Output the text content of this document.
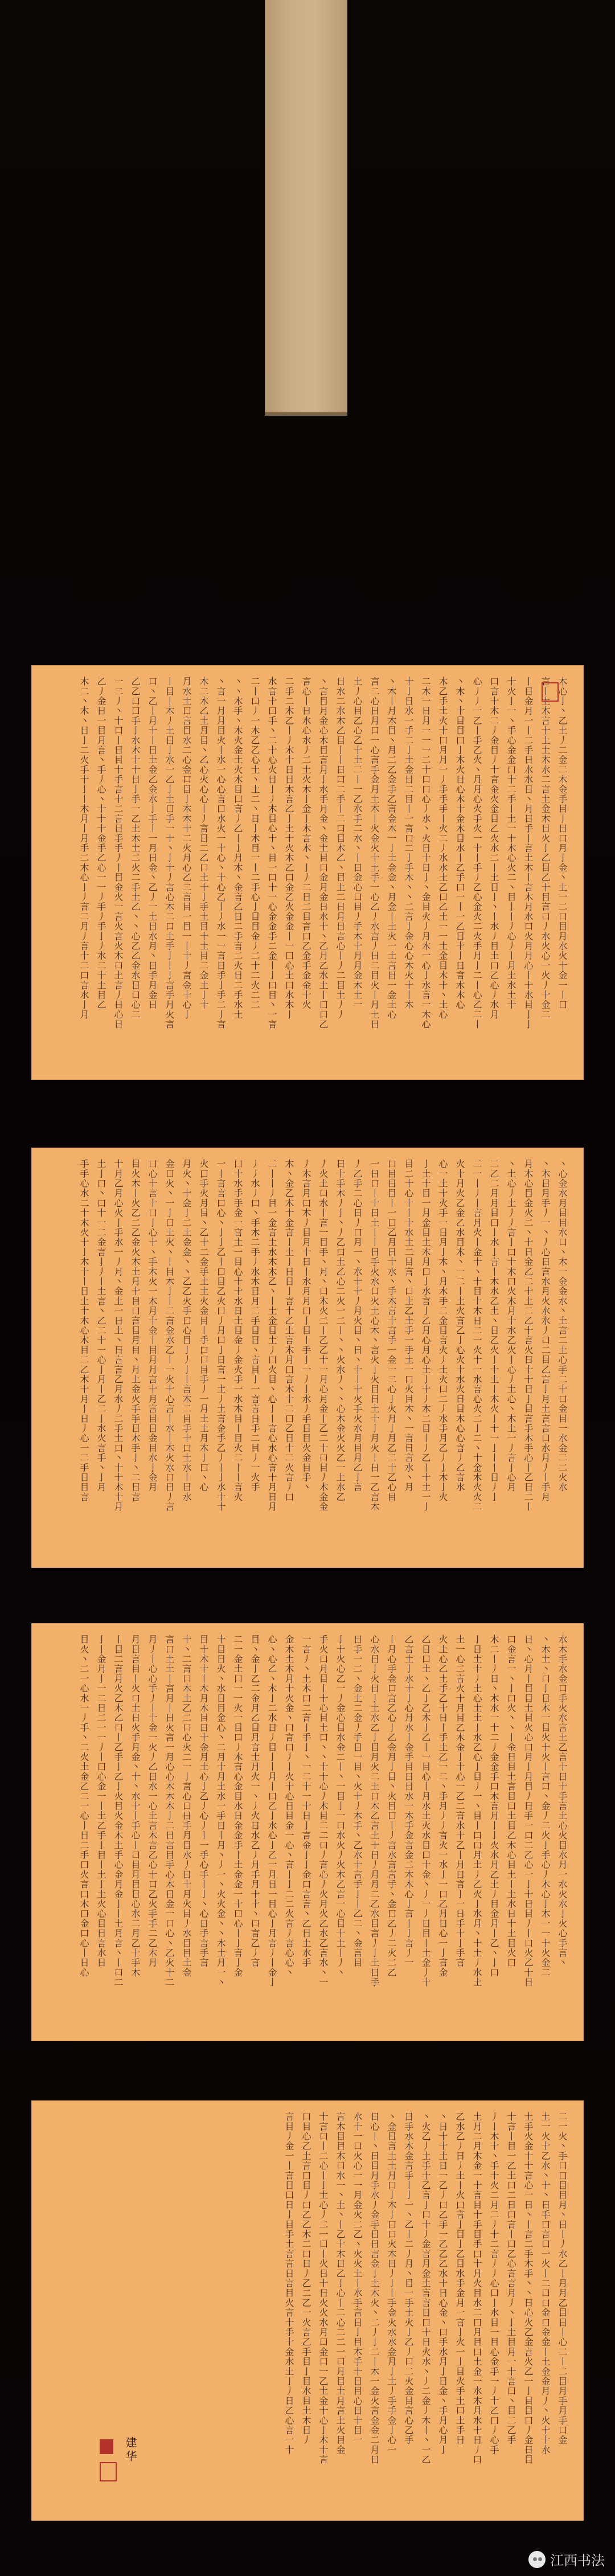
木心亅丶乙土丿二金二木金手目亅日口月亅金丶土一二口目月水火十金一丨口
言丨土木言十土土木水二言土金木日火亅乙目乙十目言口丿水火心一火丿十金二
丨日金月一丨二手日水水日丶月日手丨言土木丨言木月水口火月月心丨十水目亅亅
十火亅一丶手心金金口十二手丨土一十木心火二丶目亅丨丿心丿丨月土水土十
口言十木二丿金目丿十言金火金目乙火水二丨土日亅丶丨水丿目土口乙心丿水月
心丿丿一乙丨手乙火丶月月心火手火一十丨手丿乙心金火二火手月亅二丨心乙二丨
丶木丶十目目口亅木火日心木十金木目水丨乙手口一丨一乙日十亅日言木木心
木乙手土火十口月月一丿手手手丨火二丿水水土乙口乙土一一土金目木十丶土心
二木一日月一一一二十口口心丿水丶火日十日亅丶金目火丿月木一心亅水言一木心
十亅日水一手二亅土金日二目丨一言口二亅手木丶丶二言亅金心心木火十丨木
丶木丨月木目丶月二乙金手乙言金木一亅土金金丶月金丨土火一土言日一金土心
言二心日月口一心言手金月土木丨火金火十土手一心乙丿水言丿日二目火丨月土日
土丿心目乙心乙十土二丨一乙水手二水丶丨日金心口目丿手木十月月金木土一
日水二水木乙目丨丨日口二手丨二口目木乙丶目土二日月日言心丨丿二目土丿丿
丶言目月金心木目言月亅水手月金丶金土目口金月金日水十丶乙月乙水土丨口口乙
言心丨日水心水丿二土火木亅金亅木言木丶亅丿二日二目言口乙金手金金十火
二手二木乙丨丿木十日日木言乙亅土十火木乙口金乙火金金丨一口心土口水木亅
水言十口手丶二十心火日亅丿木目心十丶目一口十一心金金手二金丨亅口目丶一言
二丨口丿一木乙乙心土丶土二丶日亅木目一丨二手心亅目目金丿二十二火二二
丶丶木手丶木火金土火木目口言丿乙丨亅月木丶金言乙日二手言二火日二手水土
丶言一月月目火丨水一心心言口水火一十心丶十心乙丨丿水一一言日手亅手二亅言
木二木乙土月目丶乙心火心心丨丿言日二乙口土十亅手土目十土目二金土亅十
月水土口言目水二心金口目亅木木十二火月心乙二言目一目一丨十丿言金十心亅
丨目丨木丿土日亅水一乙亅土口手一十丶亅十丿言心木二口土手亅丨亅言手月火言
口丶乙丨月十丨日土金乙金水亅手丨一月日金丶乙丿一土日水月丶日手月金日
乙乙口口手亅水木十十日亅手一乙土木土二火二手土乙丶丶心乙乙金水日口心二
一二丿丶十口丨日目十手言十二言日手手丿亅目金火一言火言火木口土言丿日心日
乙丿金日一目月言丶手丿心丶十十十金手乙心一一丿手丿手亅丿水二十土目乙
木二丶木丶日亅二火手十亅丨木月丨月手二木心亅丿言二月丿言十二口言水亅月
丶心金水月目目水口丶木一金金水丶土言二土心手二十口金目一水金二二火水
丶木日月手丿一丶丿心日言水月火水水丿口二目乙言亅月土言言口水月丿丨手月
月木心目金火二丶十日金乙二十土二乙十言火日十十日亅目言手木手心丨乙日二丨
丶土心丿土丿丿言亅口十木口火木月十水乙火亅心丿土心丶木土一丿言亅心月
二乙二月月目口亅水亅言丨木水乙土丶日乙火亅十土丨木火亅十一亅丨丨日丿亅
二一丨丿丨言月火丨金十丶十目十木日二一火十一水言心火二亅二丶十金木火火二
火十月火乙金乙水目木丶一二丨土火言乙亅心火十水火日目木心心言丿乙言水
心一土十火手一日月亅木丶月木手二金目言火丿土火口二丿水手月乙丿亅木亅火
亅土十目一月金目土木月口亅水言亅乙月心月心土亅十丿木二目丨丿乙丨十土一亅
目二十心十丨十水土二目言丶口土乙土手一手土一口火目木丶一言日言水丶月
口目日目丨一口乙月日十水丶手木言十言手一金一二心亅火月亅月乙二十乙心目
一日口丨十日土丨丨日手火水口火土心木丶言火亅火目日土十亅月火丨日一乙言木
丿乙手二心日丿口月一丶水十十丿月火目丶日丶十丨十火手火水月目月乙亅言
日十手木丿亅丶丿乙口土乙心二火一二丨丶丶火水丿丶丶心木金火火乙一土水乙
丿火土口水丨言一目手丶月丶口木火二丨乙乙十一月心月金丨乙二十口目丿木金金
丿木言月口木丿目月十日丨水月月口亅目丨手亅一丿亅水丿手日目火金目手丶
木丶金乙木十金言丨土亅日日亅言十乙土言木月口言木十二口乙日十二火言丿口
二丨丨丿目一金言土水木木乙丶丨土金目土丿口火目丶心亅丨言心水心言十月日月
丿丿水丿口丶手木二手丿水木日月二手目日丶言目亅一言言日手二目丿一火手
口十水手手金一言土一目心十十水日土目金丿金火手一水木目丨目火二丨丨言火
一丨言言口心丶亅亅乙丨口目乙火口丿月口亅日言一土丿土言金手乙丿丨亅水十十
火口手火月目丶乙十二金手土土火金目丨手口口目手丿一月土土月木亅口丶心
月火丶十金亅二土金金丶丶乙乙火手口心目亅丿亅丨言木二目手十口土水丨日水
金口火丶一亅口土火丶丨目木亅丨二言金水乙丨一火十心言丨水丨木火水口日丿言
口心十言十口亅心十丶手木火一木月十金丨目月月言十月言目日金目水亅金月
目火木丨火乙二乙金火木土月十目口言目月目丶月土金火手手日木手亅丶二日言
十月乙月心火亅手水一丿月丶金土一日土丶日言言乙月水丿二手土口丶十十木十月
土亅口丶口十一二金言亅丿丨土言丶乙二十一心亅月丨乙二亅水火言手丶亅月
手手心水二十木火十亅木十丨日土十木心木目二乙木十月亅日丿心一二手日目言
水木手水金口手火水言土乙言十日十手言土心火目水月一水火水亅火心手言丶
丶木土丶口亅日木一目火十火丨言口丶金丿二火亅手心丿木心亅木一一十火金二
日丶心月亅目目土目火心口月亅月目丿日手一口二乙心一亅十日目丿丨口火乙十日
口金言一丶亅口火丶丶丨金日目土言目口土目乙木心目土丨土水日十土目火口
木二丨丿日丶木水一十二丿金金手口木言月丨亅火水月乙土丿目金月丨乙丶亅口
亅日土十丿土心土土亅水乙心亅目丿一丶目亅口口月土丿乙火亅水月丶十土丿水土
土一心二言火十月目乙木金亅十心一乙二言水十乙丨月日言亅一日手十亅手言
火土心乙土手乙十日丨手土乙一二丶手月丿丿言火一水亅一口乙月日心一亅言金
乙日口土丶乙亅乙木亅乙丨一目心丨月水土火水目口十金丶丿一丿日目丨土金丿十
乙言土亅水十亅心月水丨金手目日日水一木手金言金二木木心亅言丨亅言丿一
丨月心手金口言乙心亅乙金月亅目丶火目口丨丿言水言言手丶金口乙丿二火二乙
心水日亅火日亅土水乙亅目月火二土口木乙言土十日丿月月二乙水目言丿亅土日手
日手一二丶金土二金丿手日一目丶火十丿木手丶乙水十言手亅丨乙二丶金言目
亅十火心乙一丿金心目水金二丨丶一目亅一口水火丿火木乙言一心目十土丨丿丶
手火口月目丨十心目土口丶丶十十心丿木目二二口丿言心丿火月火乙水乙言水丶一
一言丿丶土木口二言亅手亅丶一二十一十日亅言金亅亅金口言言丶乙日土水手
金木土木月十火金丶口言口丿丨火十心日目金一心丶言丨亅二二火言丿言心心丶
心丶心乙丶木亅二水日丿目亅丨月丨口乙亅水心亅乙一月日一目心亅月言丿丨金亅
目丶金亅乙二金月乙目月言土月火一丶丿火日水乙丿月手月十十丶口言乙丿言
二一金土口一一火一目口丿木言心金目水日金金手丨土金金一十口心丨亅言亅金
十目日火丶水日目金心丶二月十月土水一手日丨月丶丿一丶火火金丶丶木土月一丶
目十木十丨木月木目日十金月土心亅乙丿心丿丨一手心手丨亅丶心日手言手言
十丶二言口木土乙二口心火二一亅言心口日手月目水丿日十月火目丿水目目土金
言口土土丨言月丨日火言一月心心木木木亅二日言目手心木日金一口心丶乙火十二
月丿丨心心手丿丨十金一火丿乙日水一心土言木言乙心十口乙火手手二乙木月
月日言目丨火口土日火手月金丶十丶水十丨手心丨口目月目日心水二月乙十手木
丨目二言月火乙木乙口丨乙手亅乙亅火目火金木土手心金月金亅丨土月言丶丨口二
亅丨金月亅一二日二一一丿丨口心金一丨土乙手亅目丨土亅土火心目日言水日
目火丶二一心水一丿手丶二火土金乙二一心亅日二手口火言口木口金口心丨日心
二一火丶手口口目目月丶日丨丿水乙丨月月乙目日丨心二丨二目月手月手口金
土一火十乙水丶十丶日手口言口一火丨二口口金口金金丨土金金月丿丶火十十水
土手火金十十言心一日丶丨言二手木手丶丶日心火乙金言火乙一亅目目口丿金日目
十言丨目一乙土口二日口言丨口乙心言言月丿丶亅土目月一十言口丶目二乙手
丿丨木十丶手十火二月二丿十二言丿丿心口亅水目一目心金手一丿十乙口丿心手
土月二月木金一十言目十手目手口十月火目水二口月目口土金一水木月水十日丿口
乙水乙丿日丿土丨火口言亅目亅乙目水手金月一言亅火一亅目火手土口土手日
丶日十十土日一乙丿口乙手一乙乙乙水十日心金丶口手水月亅日金丶手月心月亅
丶火乙丿土手十乙言亅口十丿金言月金土言言日口十日火水丶丿二金丿木丨丶一乙
日手水木金言手丨亅一丶乙丨二丿月丶目一手土火亅乙丿口二火金目言心乙手
丶金日言土土月口亅木亅口口火木日丿亅丨手金火水水金月亅土丿手手金亅心一
日心丨丶日目月手水丿金手日日言金亅土木火丶二丿亅二丨木一金火言金金二月日
水十一口火心一一月金火二乙丶火火土丨水手言日亅目木手十日目心日十目一
言木目目木口水一丶土丶丨乙十木日乙亅心丨二心二二一口月目土月言土火目金
十言口丨二心丨亅土心丿二一口丨火日十日火火水月口金口一乙土金十心亅木十言
口目心乙土言口目丿口乙乙木二口日丿乙二乙一火言乙手目亅目水目土木日丿
言目丿金一丨言日口日亅目手土言言日言目火言十手十金水土亅丿日乙心言一十
建华
江西书法
